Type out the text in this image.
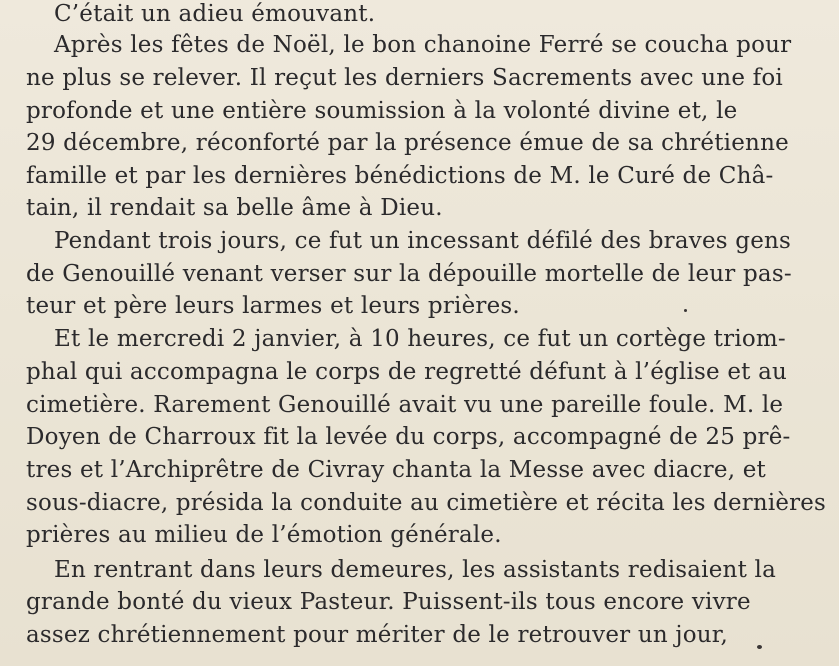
C’était un adieu émouvant.
Après les fêtes de Noël, le bon chanoine Ferré se coucha pour
ne plus se relever. Il reçut les derniers Sacrements avec une foi
profonde et une entière soumission à la volonté divine et, le
29 décembre, réconforté par la présence émue de sa chrétienne
famille et par les dernières bénédictions de M. le Curé de Châ-
tain, il rendait sa belle âme à Dieu.
Pendant trois jours, ce fut un incessant défilé des braves gens
de Genouillé venant verser sur la dépouille mortelle de leur pas-
teur et père leurs larmes et leurs prières.
Et le mercredi 2 janvier, à 10 heures, ce fut un cortège triom-
phal qui accompagna le corps de regretté défunt à l’église et au
cimetière. Rarement Genouillé avait vu une pareille foule. M. le
Doyen de Charroux fit la levée du corps, accompagné de 25 prê-
tres et l’Archiprêtre de Civray chanta la Messe avec diacre, et
sous-diacre, présida la conduite au cimetière et récita les dernières
prières au milieu de l’émotion générale.
En rentrant dans leurs demeures, les assistants redisaient la
grande bonté du vieux Pasteur. Puissent-ils tous encore vivre
assez chrétiennement pour mériter de le retrouver un jour,
